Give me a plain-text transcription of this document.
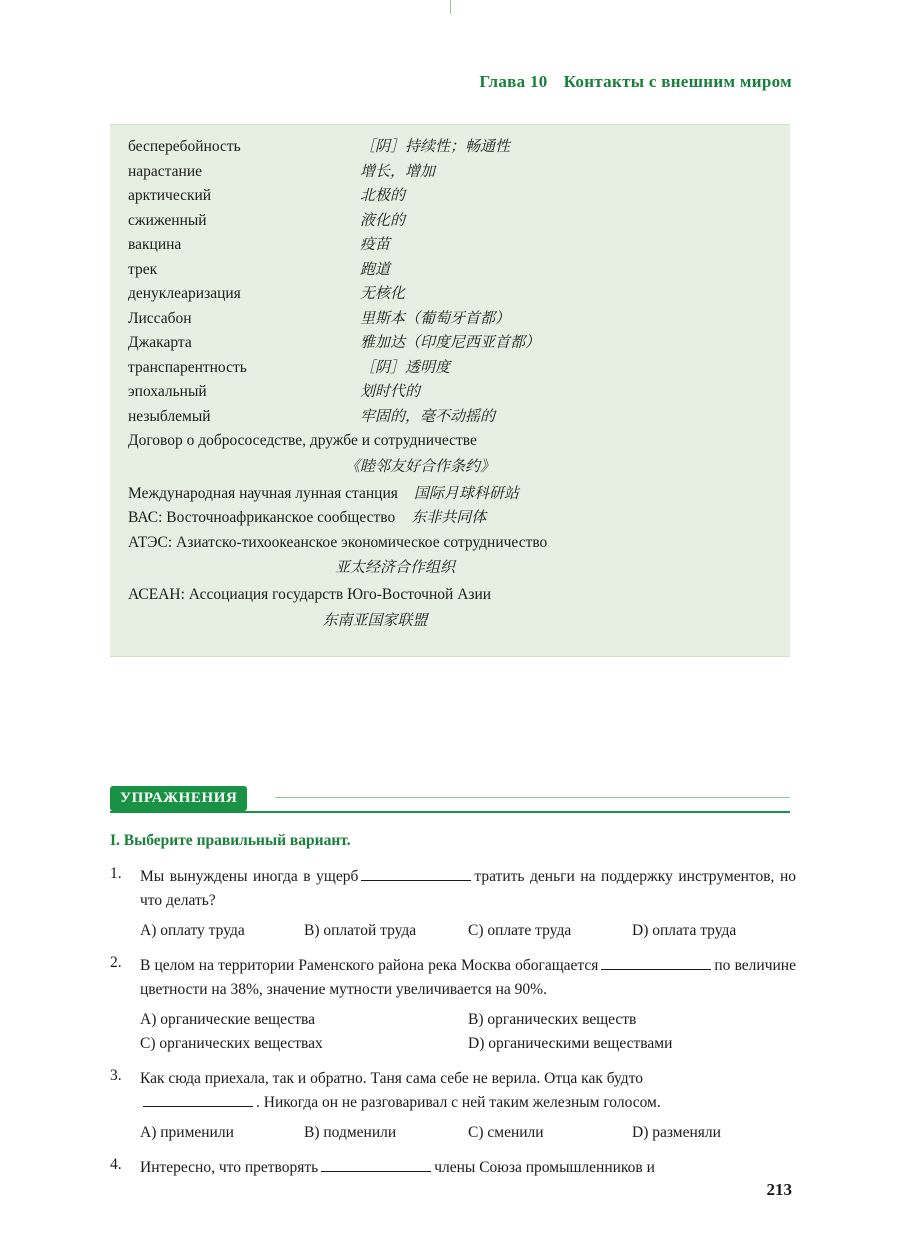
Глава 10 Контакты с внешним миром
бесперебойность	［阴］持续性；畅通性
нарастание	增长，增加
арктический	北极的
сжиженный	液化的
вакцина	疫苗
трек	跑道
денуклеаризация	无核化
Лиссабон	里斯本（葡萄牙首都）
Джакарта	雅加达（印度尼西亚首都）
транспарентность	［阴］透明度
эпохальный	划时代的
незыблемый	牢固的，毫不动摇的
Договор о добрососедстве, дружбе и сотрудничестве
《睦邻友好合作条约》
Международная научная лунная станция 国际月球科研站
ВАС: Восточноафриканское сообщество 东非共同体
АТЭС: Азиатско-тихоокеанское экономическое сотрудничество
亚太经济合作组织
АСЕАН: Ассоциация государств Юго-Восточной Азии
东南亚国家联盟
УПРАЖНЕНИЯ
I. Выберите правильный вариант.
1.	Мы вынуждены иногда в ущерб	тратить деньги на поддержку инструментов, но что делать?
A) оплату труда	B) оплатой труда	C) оплате труда	D) оплата труда
2.	В целом на территории Раменского района река Москва обогащается	по величине цветности на 38%, значение мутности увеличивается на 90%.
A) органические вещества	B) органических веществ
C) органических веществах	D) органическими веществами
3.	Как сюда приехала, так и обратно. Таня сама себе не верила. Отца как будто
. Никогда он не разговаривал с ней таким железным голосом.
A) применили	B) подменили	C) сменили	D) разменяли
4.	Интересно, что претворять	члены Союза промышленников и
213
